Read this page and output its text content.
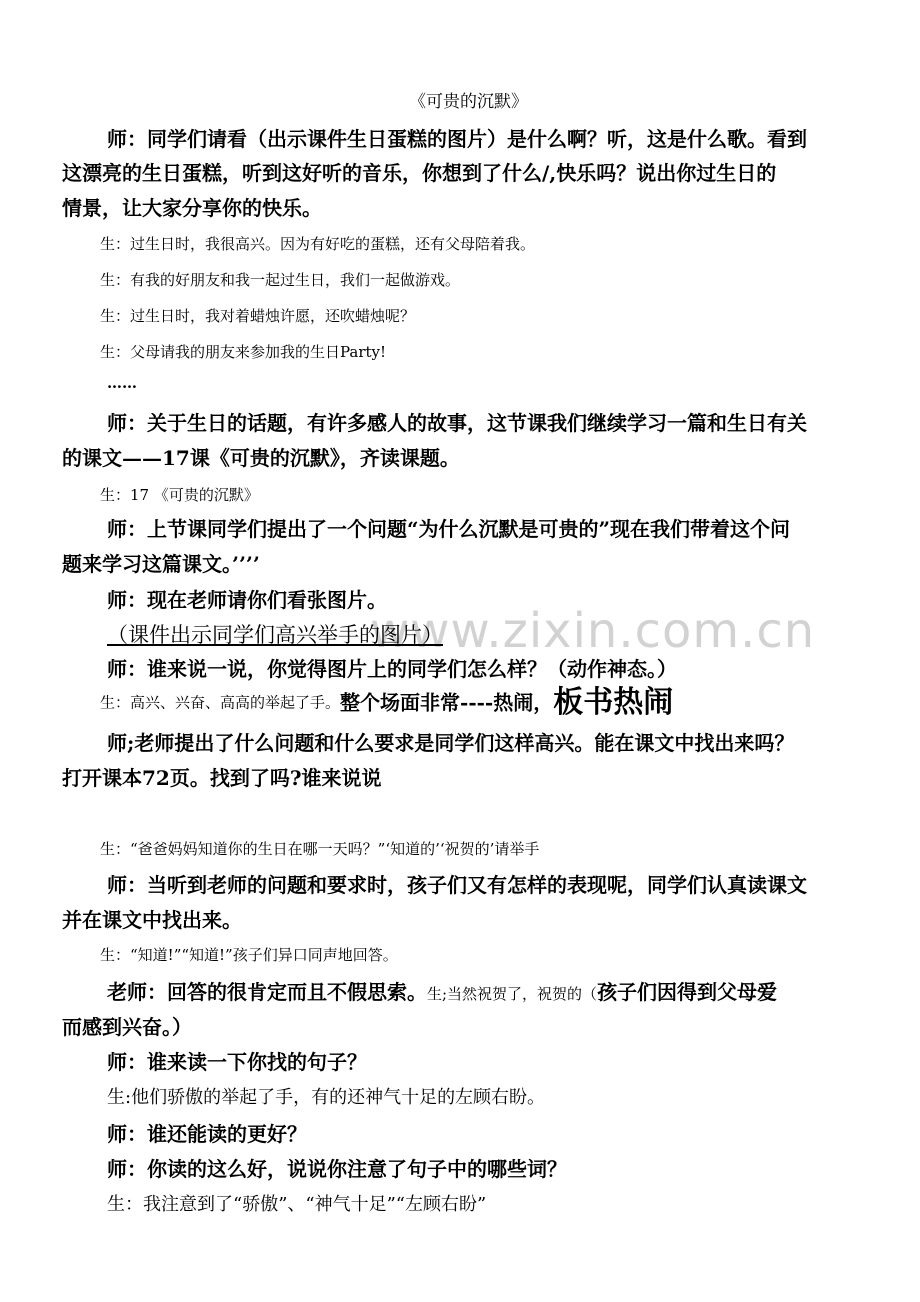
www.zixin.com.cn
《可贵的沉默》
师：同学们请看（出示课件生日蛋糕的图片）是什么啊？听，这是什么歌。看到
这漂亮的生日蛋糕，听到这好听的音乐，你想到了什么/,快乐吗？说出你过生日的
情景，让大家分享你的快乐。
生：过生日时，我很高兴。因为有好吃的蛋糕，还有父母陪着我。
生：有我的好朋友和我一起过生日，我们一起做游戏。
生：过生日时，我对着蜡烛许愿，还吹蜡烛呢？
生：父母请我的朋友来参加我的生日Party!
……
师：关于生日的话题，有许多感人的故事，这节课我们继续学习一篇和生日有关
的课文——17课《可贵的沉默》，齐读课题。
生：17 《可贵的沉默》
师：上节课同学们提出了一个问题“为什么沉默是可贵的”现在我们带着这个问
题来学习这篇课文。’’’’
师：现在老师请你们看张图片。
（课件出示同学们高兴举手的图片）
师：谁来说一说，你觉得图片上的同学们怎么样？（动作神态。）
生：高兴、兴奋、高高的举起了手。整个场面非常----热闹，板书热闹
师;老师提出了什么问题和什么要求是同学们这样高兴。能在课文中找出来吗？
打开课本72页。找到了吗?谁来说说
生：“爸爸妈妈知道你的生日在哪一天吗？”‘知道的’‘祝贺的’请举手
师：当听到老师的问题和要求时，孩子们又有怎样的表现呢，同学们认真读课文
并在课文中找出来。
生：“知道!”“知道!”孩子们异口同声地回答。
老师：回答的很肯定而且不假思索。生;当然祝贺了，祝贺的（孩子们因得到父母爱
而感到兴奋。）
师：谁来读一下你找的句子？
生:他们骄傲的举起了手，有的还神气十足的左顾右盼。
师：谁还能读的更好？
师：你读的这么好，说说你注意了句子中的哪些词？
生：我注意到了“骄傲”、“神气十足”“左顾右盼”
